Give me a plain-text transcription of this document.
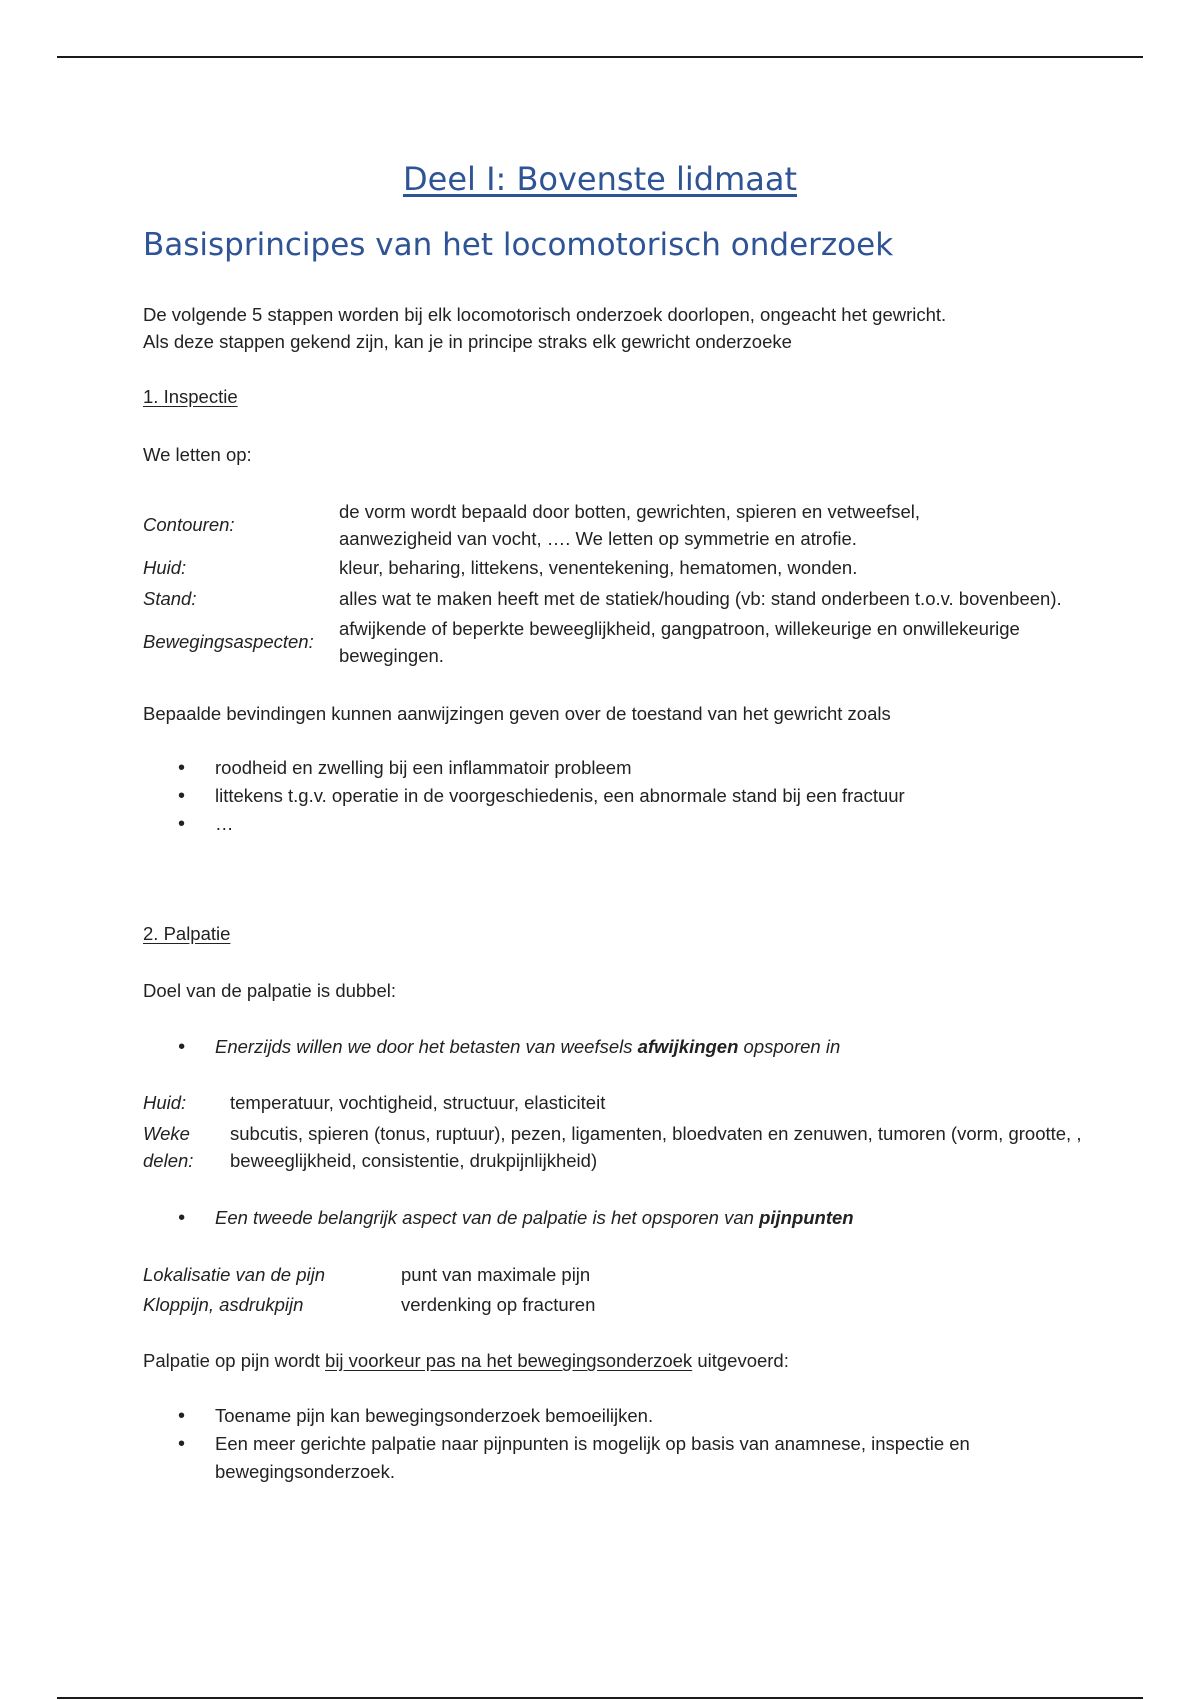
Deel I: Bovenste lidmaat
Basisprincipes van het locomotorisch onderzoek
De volgende 5 stappen worden bij elk locomotorisch onderzoek doorlopen, ongeacht het gewricht.
Als deze stappen gekend zijn, kan je in principe straks elk gewricht onderzoeke
1. Inspectie
We letten op:
Contouren:
de vorm wordt bepaald door botten, gewrichten, spieren en vetweefsel, aanwezigheid van vocht, …. We letten op symmetrie en atrofie.
Huid:	kleur, beharing, littekens, venentekening, hematomen, wonden.
Stand:	alles wat te maken heeft met de statiek/houding (vb: stand onderbeen t.o.v. bovenbeen).
Bewegingsaspecten:
afwijkende of beperkte beweeglijkheid, gangpatroon, willekeurige en onwillekeurige bewegingen.
Bepaalde bevindingen kunnen aanwijzingen geven over de toestand van het gewricht zoals
• roodheid en zwelling bij een inflammatoir probleem
• littekens t.g.v. operatie in de voorgeschiedenis, een abnormale stand bij een fractuur
• …
2. Palpatie
Doel van de palpatie is dubbel:
• Enerzijds willen we door het betasten van weefsels afwijkingen opsporen in
Huid:	temperatuur, vochtigheid, structuur, elasticiteit
Weke delen:
subcutis, spieren (tonus, ruptuur), pezen, ligamenten, bloedvaten en zenuwen, tumoren (vorm, grootte, , beweeglijkheid, consistentie, drukpijnlijkheid)
• Een tweede belangrijk aspect van de palpatie is het opsporen van pijnpunten
Lokalisatie van de pijn	punt van maximale pijn
Kloppijn, asdrukpijn	verdenking op fracturen
Palpatie op pijn wordt bij voorkeur pas na het bewegingsonderzoek uitgevoerd:
• Toename pijn kan bewegingsonderzoek bemoeilijken.
• Een meer gerichte palpatie naar pijnpunten is mogelijk op basis van anamnese, inspectie en bewegingsonderzoek.
